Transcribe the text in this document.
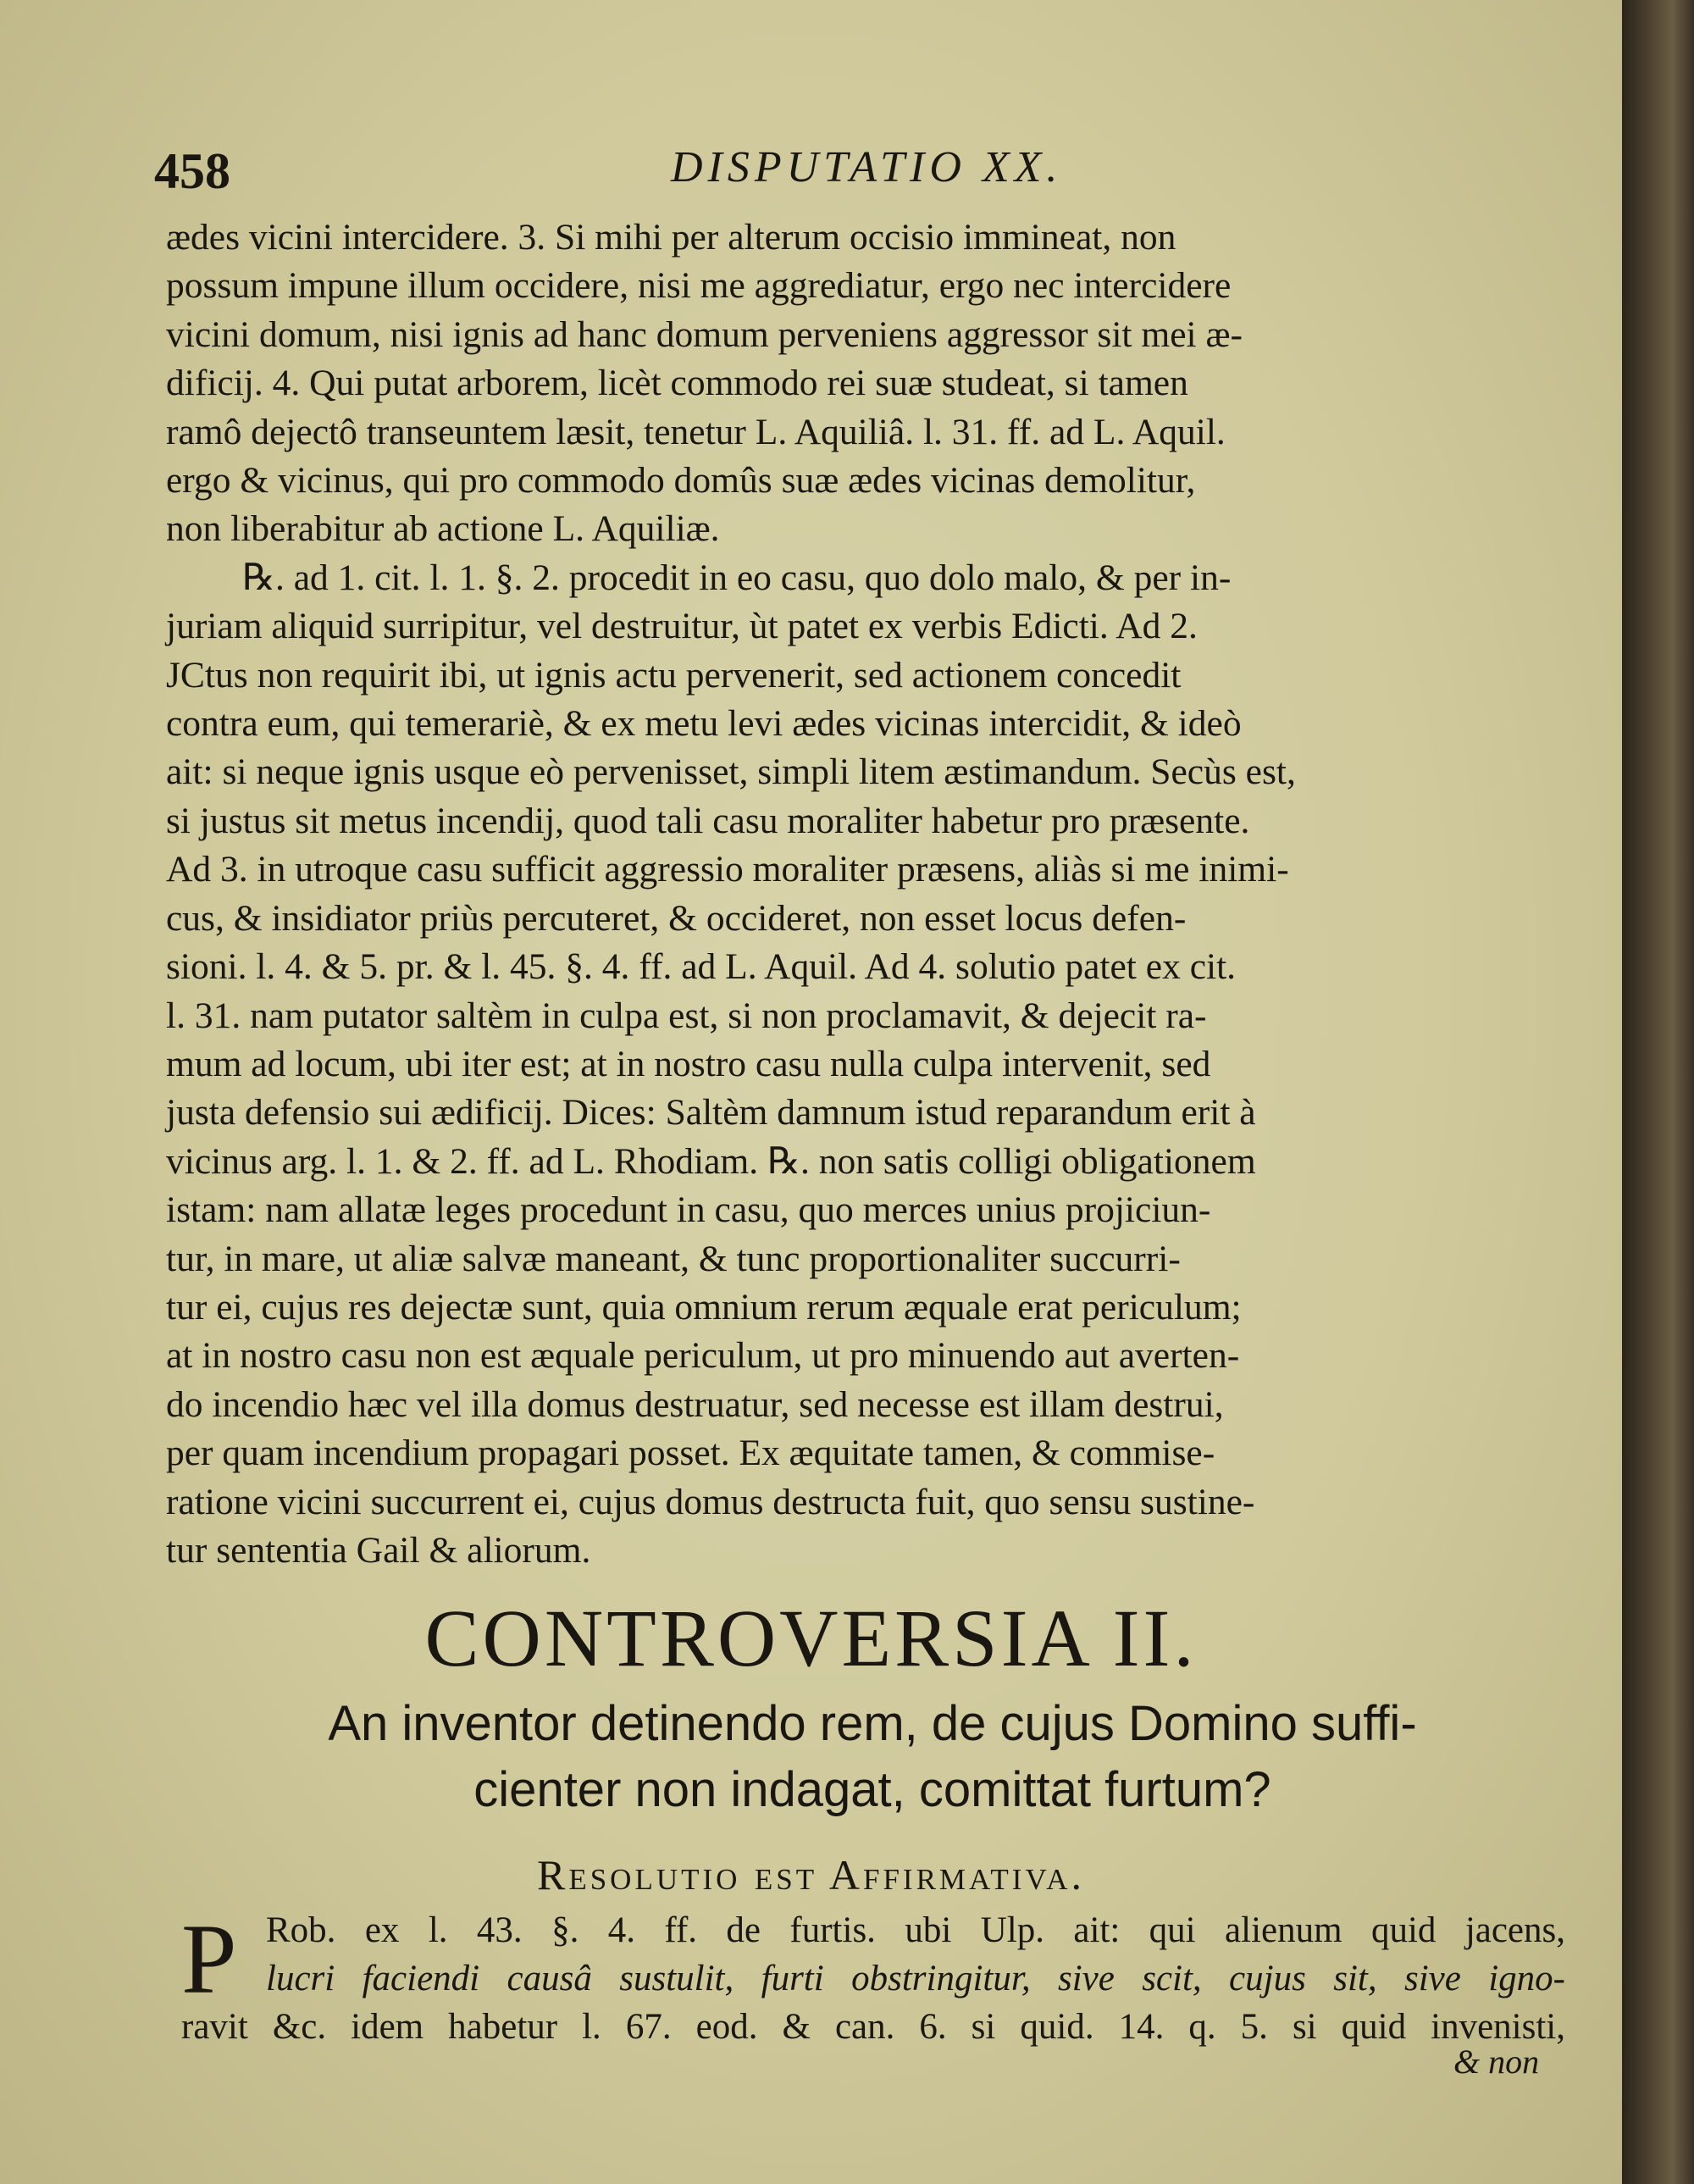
458	DISPUTATIO XX.

ædes vicini intercidere. 3. Si mihi per alterum occisio immineat, non

possum impune illum occidere, nisi me aggrediatur, ergo nec intercidere

vicini domum, nisi ignis ad hanc domum perveniens aggressor sit mei æ-

dificij. 4. Qui putat arborem, licèt commodo rei suæ studeat, si tamen

ramô dejectô transeuntem læsit, tenetur L. Aquiliâ. l. 31. ff. ad L. Aquil.

ergo & vicinus, qui pro commodo domûs suæ ædes vicinas demolitur,

non liberabitur ab actione L. Aquiliæ.

℞. ad 1. cit. l. 1. §. 2. procedit in eo casu, quo dolo malo, & per in-

juriam aliquid surripitur, vel destruitur, ùt patet ex verbis Edicti. Ad 2.

JCtus non requirit ibi, ut ignis actu pervenerit, sed actionem concedit

contra eum, qui temerariè, & ex metu levi ædes vicinas intercidit, & ideò

ait: si neque ignis usque eò pervenisset, simpli litem æstimandum. Secùs est,

si justus sit metus incendij, quod tali casu moraliter habetur pro præsente.

Ad 3. in utroque casu sufficit aggressio moraliter præsens, aliàs si me inimi-

cus, & insidiator priùs percuteret, & occideret, non esset locus defen-

sioni. l. 4. & 5. pr. & l. 45. §. 4. ff. ad L. Aquil. Ad 4. solutio patet ex cit.

l. 31. nam putator saltèm in culpa est, si non proclamavit, & dejecit ra-

mum ad locum, ubi iter est; at in nostro casu nulla culpa intervenit, sed

justa defensio sui ædificij. Dices: Saltèm damnum istud reparandum erit à

vicinus arg. l. 1. & 2. ff. ad L. Rhodiam. ℞. non satis colligi obligationem

istam: nam allatæ leges procedunt in casu, quo merces unius projiciun-

tur, in mare, ut aliæ salvæ maneant, & tunc proportionaliter succurri-

tur ei, cujus res dejectæ sunt, quia omnium rerum æquale erat periculum;

at in nostro casu non est æquale periculum, ut pro minuendo aut averten-

do incendio hæc vel illa domus destruatur, sed necesse est illam destrui,

per quam incendium propagari posset. Ex æquitate tamen, & commise-

ratione vicini succurrent ei, cujus domus destructa fuit, quo sensu sustine-

tur sententia Gail & aliorum.

CONTROVERSIA II.
An inventor detinendo rem, de cujus Domino suffi-
cienter non indagat, comittat furtum?
Resolutio est Affirmativa.
P Rob. ex l. 43. §. 4. ff. de furtis. ubi Ulp. ait: qui alienum quid jacens,

lucri faciendi causâ sustulit, furti obstringitur, sive scit, cujus sit, sive igno-

ravit &c. idem habetur l. 67. eod. & can. 6. si quid. 14. q. 5. si quid invenisti,

& non
